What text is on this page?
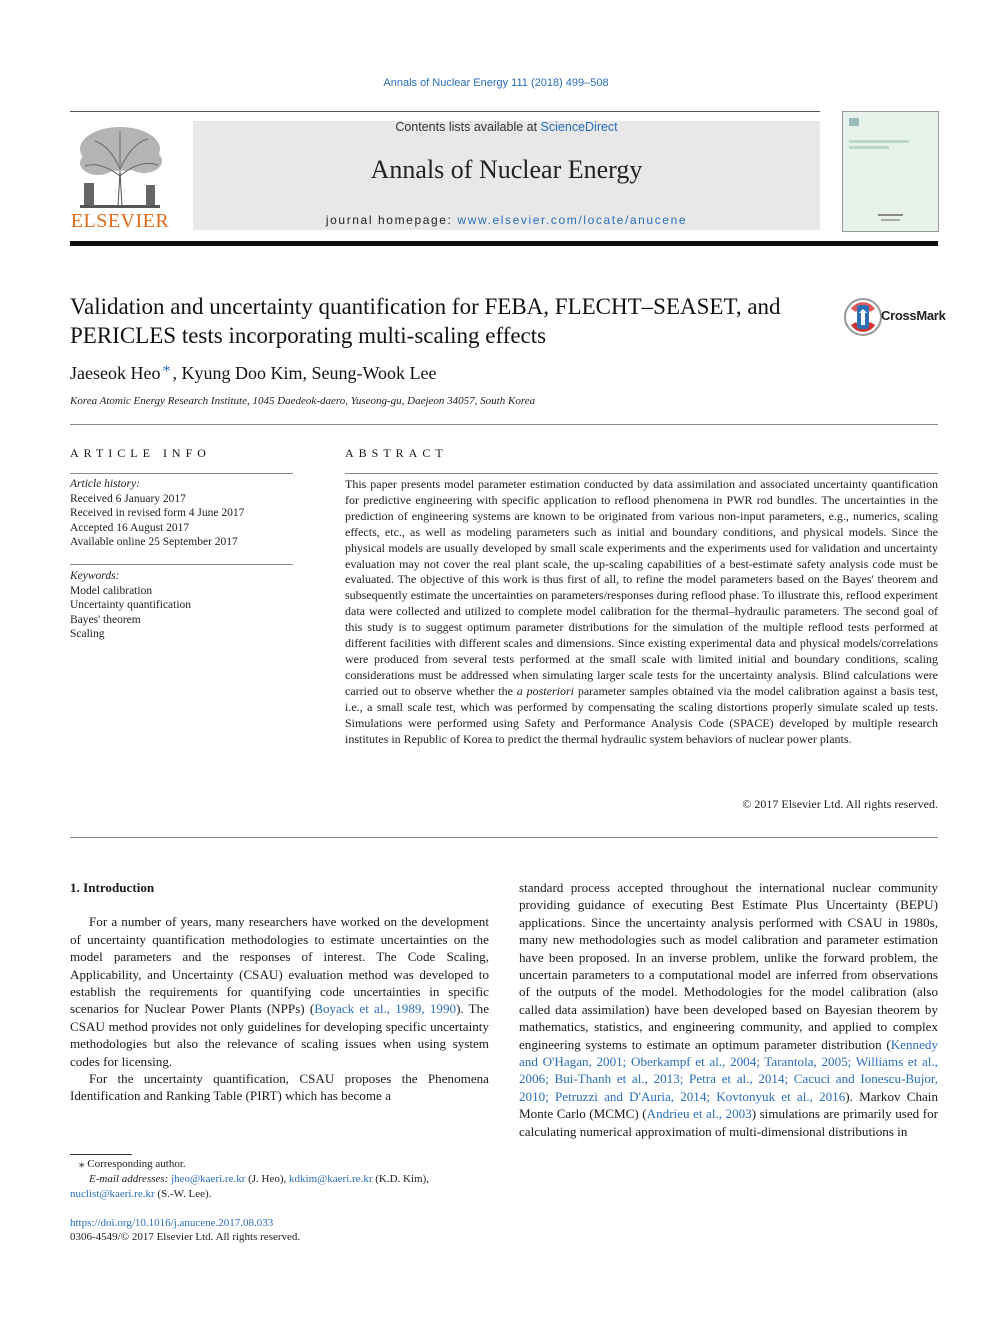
Annals of Nuclear Energy 111 (2018) 499–508
ELSEVIER
Contents lists available at ScienceDirect
Annals of Nuclear Energy
journal homepage: www.elsevier.com/locate/anucene
Validation and uncertainty quantification for FEBA, FLECHT–SEASET, and
PERICLES tests incorporating multi-scaling effects
CrossMark
Jaeseok Heo * , Kyung Doo Kim, Seung-Wook Lee
Korea Atomic Energy Research Institute, 1045 Daedeok-daero, Yuseong-gu, Daejeon 34057, South Korea
ARTICLE INFO	ABSTRACT
Article history:
Received 6 January 2017
Received in revised form 4 June 2017
Accepted 16 August 2017
Available online 25 September 2017
Keywords:
Model calibration
Uncertainty quantification
Bayes' theorem
Scaling
This paper presents model parameter estimation conducted by data assimilation and associated uncertainty quantification for predictive engineering with specific application to reflood phenomena in PWR rod bundles. The uncertainties in the prediction of engineering systems are known to be originated from various non-input parameters, e.g., numerics, scaling effects, etc., as well as modeling parameters such as initial and boundary conditions, and physical models. Since the physical models are usually developed by small scale experiments and the experiments used for validation and uncertainty evaluation may not cover the real plant scale, the up-scaling capabilities of a best-estimate safety analysis code must be evaluated. The objective of this work is thus first of all, to refine the model parameters based on the Bayes' theorem and subsequently estimate the uncertainties on parameters/responses during reflood phase. To illustrate this, reflood experiment data were collected and utilized to complete model calibration for the thermal–hydraulic parameters. The second goal of this study is to suggest optimum parameter distributions for the simulation of the multiple reflood tests performed at different facilities with different scales and dimensions. Since existing experimental data and physical models/correlations were produced from several tests performed at the small scale with limited initial and boundary conditions, scaling considerations must be addressed when simulating larger scale tests for the uncertainty analysis. Blind calculations were carried out to observe whether the a posteriori parameter samples obtained via the model calibration against a basis test, i.e., a small scale test, which was performed by compensating the scaling distortions properly simulate scaled up tests. Simulations were performed using Safety and Performance Analysis Code (SPACE) developed by multiple research institutes in Republic of Korea to predict the thermal hydraulic system behaviors of nuclear power plants.
© 2017 Elsevier Ltd. All rights reserved.
1. Introduction

For a number of years, many researchers have worked on the development of uncertainty quantification methodologies to estimate uncertainties on the model parameters and the responses of interest. The Code Scaling, Applicability, and Uncertainty (CSAU) evaluation method was developed to establish the requirements for quantifying code uncertainties in specific scenarios for Nuclear Power Plants (NPPs) (Boyack et al., 1989, 1990). The CSAU method provides not only guidelines for developing specific uncertainty methodologies but also the relevance of scaling issues when using system codes for licensing.

For the uncertainty quantification, CSAU proposes the Phenomena Identification and Ranking Table (PIRT) which has become a

standard process accepted throughout the international nuclear community providing guidance of executing Best Estimate Plus Uncertainty (BEPU) applications. Since the uncertainty analysis performed with CSAU in 1980s, many new methodologies such as model calibration and parameter estimation have been proposed. In an inverse problem, unlike the forward problem, the uncertain parameters to a computational model are inferred from observations of the outputs of the model. Methodologies for the model calibration (also called data assimilation) have been developed based on Bayesian theorem by mathematics, statistics, and engineering community, and applied to complex engineering systems to estimate an optimum parameter distribution (Kennedy and O'Hagan, 2001; Oberkampf et al., 2004; Tarantola, 2005; Williams et al., 2006; Bui-Thanh et al., 2013; Petra et al., 2014; Cacuci and Ionescu-Bujor, 2010; Petruzzi and D'Auria, 2014; Kovtonyuk et al., 2016). Markov Chain Monte Carlo (MCMC) (Andrieu et al., 2003) simulations are primarily used for calculating numerical approximation of multi-dimensional distributions in

⁎ Corresponding author.
E-mail addresses: jheo@kaeri.re.kr (J. Heo), kdkim@kaeri.re.kr (K.D. Kim),
nuclist@kaeri.re.kr (S.-W. Lee).
https://doi.org/10.1016/j.anucene.2017.08.033
0306-4549/© 2017 Elsevier Ltd. All rights reserved.
